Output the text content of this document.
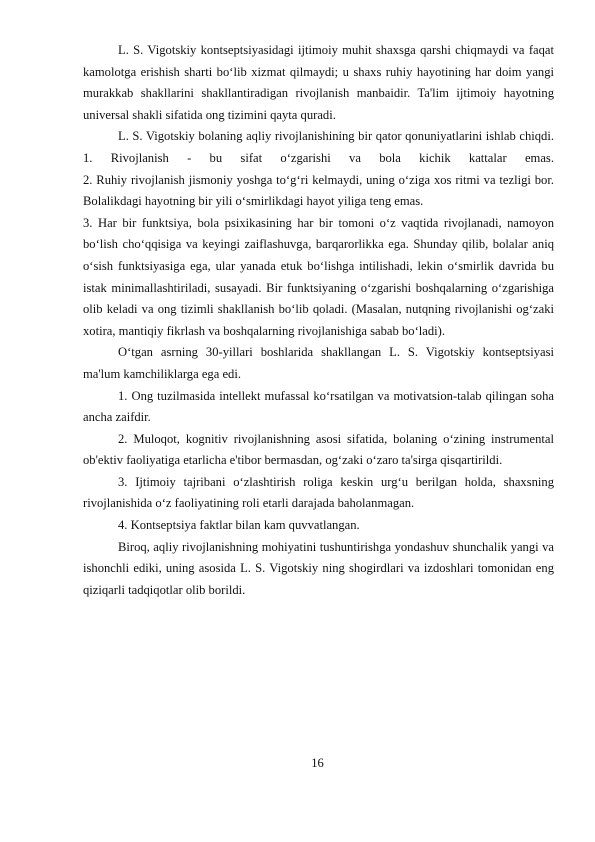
L. S. Vigotskiy kontseptsiyasidagi ijtimoiy muhit shaxsga qarshi chiqmaydi va faqat kamolotga erishish sharti bo‘lib xizmat qilmaydi; u shaxs ruhiy hayotining har doim yangi murakkab shakllarini shakllantiradigan rivojlanish manbaidir. Ta'lim ijtimoiy hayotning universal shakli sifatida ong tizimini qayta quradi.

L. S. Vigotskiy bolaning aqliy rivojlanishining bir qator qonuniyatlarini ishlab chiqdi.

1. Rivojlanish - bu sifat o‘zgarishi va bola kichik kattalar emas.

2. Ruhiy rivojlanish jismoniy yoshga to‘g‘ri kelmaydi, uning o‘ziga xos ritmi va tezligi bor. Bolalikdagi hayotning bir yili o‘smirlikdagi hayot yiliga teng emas.

3. Har bir funktsiya, bola psixikasining har bir tomoni o‘z vaqtida rivojlanadi, namoyon bo‘lish cho‘qqisiga va keyingi zaiflashuvga, barqarorlikka ega. Shunday qilib, bolalar aniq o‘sish funktsiyasiga ega, ular yanada etuk bo‘lishga intilishadi, lekin o‘smirlik davrida bu istak minimallashtiriladi, susayadi. Bir funktsiyaning o‘zgarishi boshqalarning o‘zgarishiga olib keladi va ong tizimli shakllanish bo‘lib qoladi. (Masalan, nutqning rivojlanishi og‘zaki xotira, mantiqiy fikrlash va boshqalarning rivojlanishiga sabab bo‘ladi).

O‘tgan asrning 30-yillari boshlarida shakllangan L. S. Vigotskiy kontseptsiyasi ma'lum kamchiliklarga ega edi.

1. Ong tuzilmasida intellekt mufassal ko‘rsatilgan va motivatsion-talab qilingan soha ancha zaifdir.

2. Muloqot, kognitiv rivojlanishning asosi sifatida, bolaning o‘zining instrumental ob'ektiv faoliyatiga etarlicha e'tibor bermasdan, og‘zaki o‘zaro ta'sirga qisqartirildi.

3. Ijtimoiy tajribani o‘zlashtirish roliga keskin urg‘u berilgan holda, shaxsning rivojlanishida o‘z faoliyatining roli etarli darajada baholanmagan.

4. Kontseptsiya faktlar bilan kam quvvatlangan.

Biroq, aqliy rivojlanishning mohiyatini tushuntirishga yondashuv shunchalik yangi va ishonchli ediki, uning asosida L. S. Vigotskiy ning shogirdlari va izdoshlari tomonidan eng qiziqarli tadqiqotlar olib borildi.

16
